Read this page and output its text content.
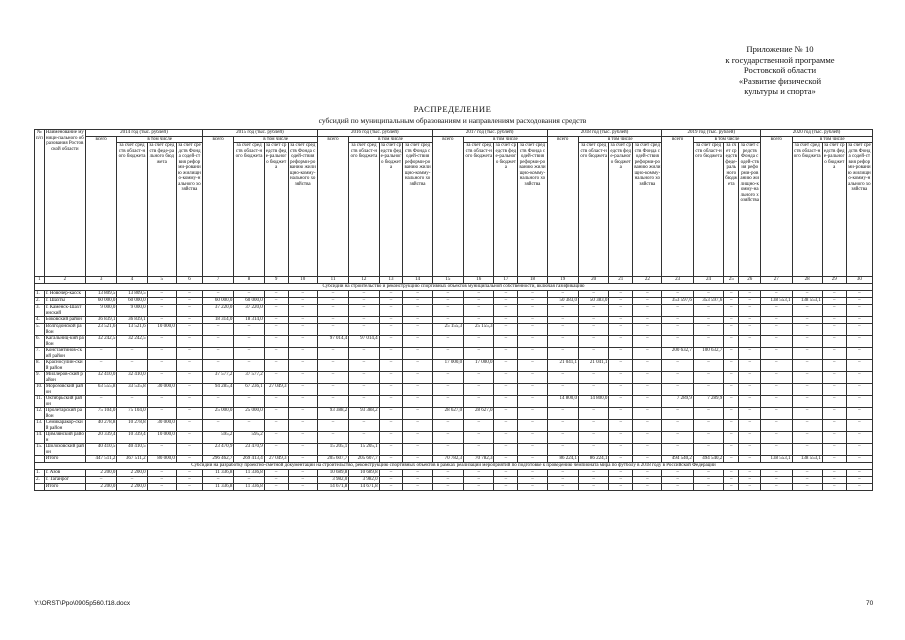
Приложение № 10
к государственной программе
Ростовской области
«Развитие физической
культуры и спорта»
РАСПРЕДЕЛЕНИЕ
субсидий по муниципальным образованиям и направлениям расходования средств
№ п/п	Наименование муници-пального образования Ростовской области	2014 год (тыс. рублей)				2015 год (тыс. рублей)				2016 год (тыс. рублей)				2017 год (тыс. рублей)				2018 год (тыс. рублей)				2019 год (тыс. рублей)				2020 год (тыс. рублей)			
		всего	в том числе			всего	в том числе			всего	в том числе			всего	в том числе			всего	в том числе			всего	в том числе			всего	в том числе		
			за счет средств област-ного бюджета	за счет средств феде-рального бюджета	за счет средств Фонда содей-ствия реформи-рованию жилищно-комму-нального хозяйства		за счет средств област-ного бюджета	за счет средств феде-рального бюджета	за счет средств Фонда содей-ствия реформи-рованию жилищно-комму-нального хозяйства		за счет средств област-ного бюджета	за счет средств феде-рального бюджета	за счет средств Фонда содей-ствия реформи-рованию жилищно-комму-нального хозяйства		за счет средств област-ного бюджета	за счет средств феде-рального бюджета	за счет средств Фонда содей-ствия реформи-рованию жилищно-комму-нального хозяйства		за счет средств област-ного бюджета	за счет средств феде-рального бюджета	за счет средств Фонда содей-ствия реформи-рованию жилищно-комму-нального хозяйства		за счет средств област-ного бюджета	за счет средств феде-рального бюджета	за счет средств Фонда содей-ствия реформи-рованию жилищно-комму-нального хозяйства		за счет средств област-ного бюджета	за счет средств феде-рального бюджета	за счет средств Фонда содей-ствия реформи-рованию жилищно-комму-нального хозяйства
1	2	3	4	5	6	7	8	9	10	11	12	13	14	15	16	17	18	19	20	21	22	23	24	25	26	27	28	29	30
Субсидии на строительство и реконструкцию спортивных объектов муниципальной собственности, включая газификацию																													
1.	г. Новочер-касск	13 809,5	13 809,5	–	–	–	–	–	–	–	–	–	–	–	–	–	–	–	–	–	–	–	–	–	–	–	–	–	–
2.	г. Шахты	60 000,0	60 000,0	–	–	60 000,0	60 000,0	–	–	–	–	–	–	–	–	–	–	50 383,0	50 383,0	–	–	353 597,6	353 597,6	–	–	138 553,1	138 553,1	–	–
3.	г. Каменск-Шахтинский	9 000,0	9 000,0	–	–	37 220,0	37 220,0	–	–	–	–	–	–	–	–	–	–	–	–	–	–	–	–	–	–	–	–	–	–
4.	Боковский район	36 839,1	36 839,1	–	–	18 314,0	18 314,0	–	–	–	–	–	–	–	–	–	–	–	–	–	–	–	–	–	–	–	–	–	–
5.	Волгодонской район	23 521,6	13 521,6	10 000,0	–	–	–	–	–	–	–	–	–	25 155,3	25 155,3	–	–	–	–	–	–	–	–	–	–	–	–	–	–
6.	Кагальниц-кий район	32 242,5	32 242,5	–	–	–	–	–	–	97 014,4	97 014,4	–	–	–	–	–	–	–	–	–	–	–	–	–	–	–	–	–	–
7.	Константинов-ский район	–	–	–	–	–	–	–	–	–	–	–	–	–	–	–	–	–	–	–	–	200 632,7	100 632,7	–	–	–	–	–	–
8.	Красносулин-ский район	–	–	–	–	–	–	–	–	–	–	–	–	17 000,0	17 000,0	–	–	21 041,1	21 041,1	–	–	–	–	–	–	–	–	–	–
9.	Миллеров-ский район	32 410,0	32 410,0	–	–	37 577,2	37 577,2	–	–	–	–	–	–	–	–	–	–	–	–	–	–	–	–	–	–	–	–	–	–
10.	Морозовский район	63 555,8	33 535,8	30 000,0	–	94 285,4	67 236,1	27 049,3	–	–	–	–	–	–	–	–	–	–	–	–	–	–	–	–	–	–	–	–	–
11.	Октябрьский район	–	–	–	–	–	–	–	–	–	–	–	–	–	–	–	–	14 800,0	14 800,0	–	–	7 289,9	7 289,9	–	–	–	–	–	–
12.	Пролетарский район	75 104,0	75 104,0	–	–	25 000,0	25 000,0	–	–	93 388,2	93 388,2	–	–	28 627,0	28 627,0	–	–	–	–	–	–	–	–	–	–	–	–	–	–
13.	Семикаракор-ский район	40 278,8	10 278,8	30 000,0	–	–	–	–	–	–	–	–	–	–	–	–	–	–	–	–	–	–	–	–	–	–	–	–	–
14.	Цимлянский район	20 339,4	10 339,4	10 000,0	–	595,2	595,2	–	–	–	–	–	–	–	–	–	–	–	–	–	–	–	–	–	–	–	–	–	–
15.	Шолоховский район	40 410,5	40 410,5	–	–	23 470,9	23 470,9	–	–	15 205,1	15 205,1	–	–	–	–	–	–	–	–	–	–	–	–	–	–	–	–	–	–
	Итого	447 511,2	367 511,2	80 000,0	–	296 462,7	269 413,4	27 049,3	–	205 607,7	205 607,7	–	–	70 782,3	70 782,3	–	–	86 224,1	86 224,1	–	–	494 540,2	494 540,2	–	–	138 553,1	138 553,1	–	–
Субсидии на разработку проектно-сметной документации на строительство, реконструкцию спортивных объектов в рамках реализации мероприятий по подготовке к проведению чемпионата мира по футболу в 2018 году в Российской Федерации																													
1.	г. Азов	2 200,0	2 200,0	–	–	11 336,8	11 336,8	–	–	10 689,8	10 689,8	–	–	–	–	–	–	–	–	–	–	–	–	–	–	–	–	–	–
2.	г. Таганрог	–	–	–	–	–	–	–	–	3 982,0	3 982,0	–	–	–	–	–	–	–	–	–	–	–	–	–	–	–	–	–	–
	Итого	2 200,0	2 200,0	–	–	11 336,8	11 336,8	–	–	14 671,8	14 671,8	–	–	–	–	–	–	–	–	–	–	–	–	–	–	–	–	–	–
Y:\ORST\Ppo\0905p560.f18.docx	70
